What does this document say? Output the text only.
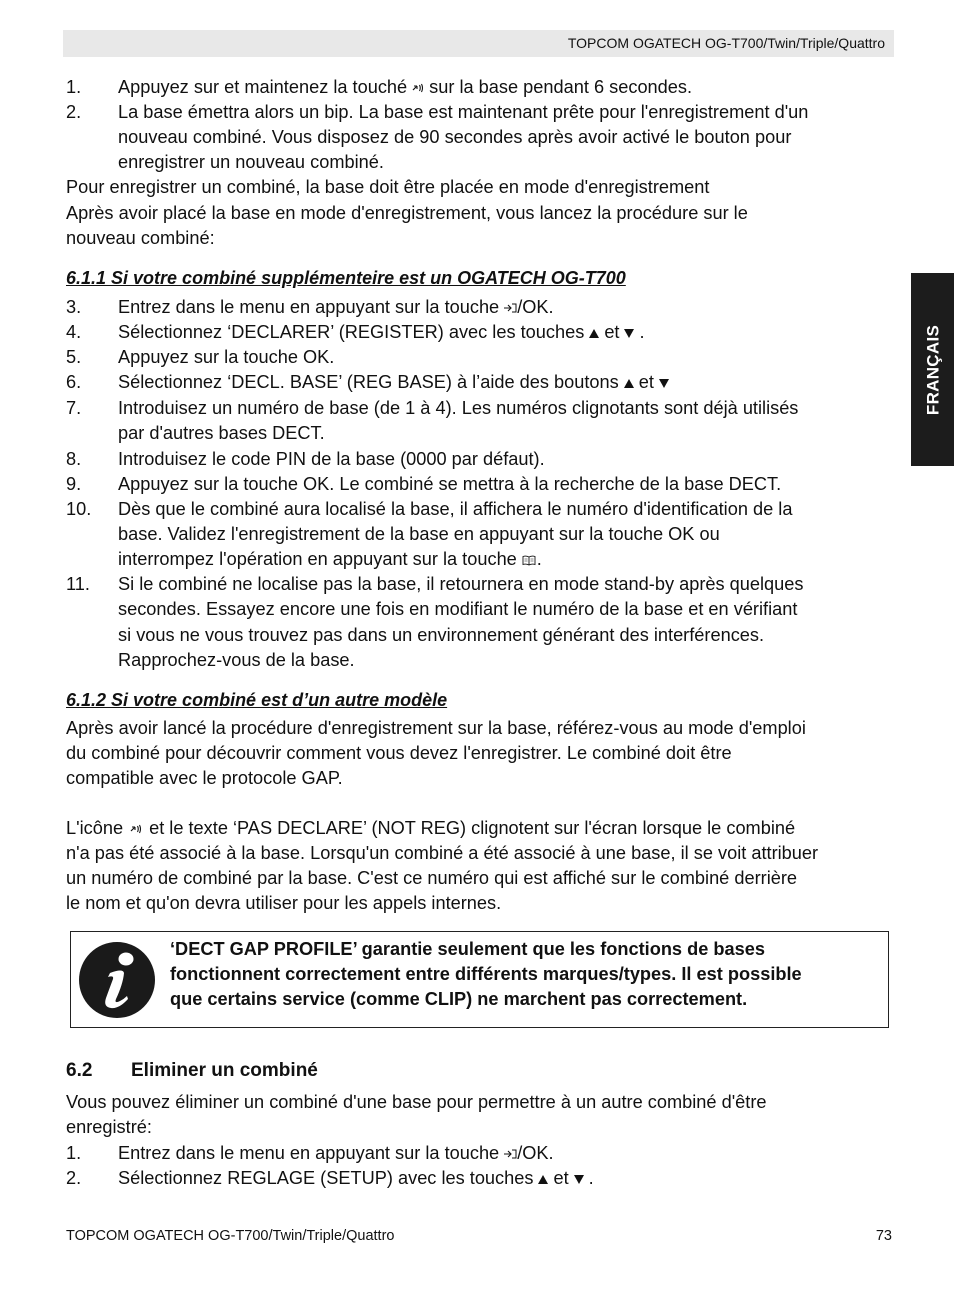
TOPCOM OGATECH OG-T700/Twin/Triple/Quattro
FRANÇAIS
1. Appuyez sur et maintenez la touché sur la base pendant 6 secondes.
2. La base émettra alors un bip. La base est maintenant prête pour l'enregistrement d'un
nouveau combiné. Vous disposez de 90 secondes après avoir activé le bouton pour
enregistrer un nouveau combiné.
Pour enregistrer un combiné, la base doit être placée en mode d'enregistrement
Après avoir placé la base en mode d'enregistrement, vous lancez la procédure sur le
nouveau combiné:
6.1.1 Si votre combiné supplémenteire est un OGATECH OG-T700
3. Entrez dans le menu en appuyant sur la touche /OK.
4. Sélectionnez ‘DECLARER’ (REGISTER) avec les touches et .
5. Appuyez sur la touche OK.
6. Sélectionnez ‘DECL. BASE’ (REG BASE) à l’aide des boutons et
7. Introduisez un numéro de base (de 1 à 4). Les numéros clignotants sont déjà utilisés
par d'autres bases DECT.
8. Introduisez le code PIN de la base (0000 par défaut).
9. Appuyez sur la touche OK. Le combiné se mettra à la recherche de la base DECT.
10. Dès que le combiné aura localisé la base, il affichera le numéro d'identification de la
base. Validez l'enregistrement de la base en appuyant sur la touche OK ou
interrompez l'opération en appuyant sur la touche .
11. Si le combiné ne localise pas la base, il retournera en mode stand-by après quelques
secondes. Essayez encore une fois en modifiant le numéro de la base et en vérifiant
si vous ne vous trouvez pas dans un environnement générant des interférences.
Rapprochez-vous de la base.
6.1.2 Si votre combiné est d’un autre modèle
Après avoir lancé la procédure d'enregistrement sur la base, référez-vous au mode d'emploi
du combiné pour découvrir comment vous devez l'enregistrer. Le combiné doit être
compatible avec le protocole GAP.
L'icône et le texte ‘PAS DECLARE’ (NOT REG) clignotent sur l'écran lorsque le combiné
n'a pas été associé à la base. Lorsqu'un combiné a été associé à une base, il se voit attribuer
un numéro de combiné par la base. C'est ce numéro qui est affiché sur le combiné derrière
le nom et qu'on devra utiliser pour les appels internes.
‘DECT GAP PROFILE’ garantie seulement que les fonctions de bases
fonctionnent correctement entre différents marques/types. Il est possible
que certains service (comme CLIP) ne marchent pas correctement.
6.2 Eliminer un combiné
Vous pouvez éliminer un combiné d'une base pour permettre à un autre combiné d'être
enregistré:
1. Entrez dans le menu en appuyant sur la touche /OK.
2. Sélectionnez REGLAGE (SETUP) avec les touches et .
TOPCOM OGATECH OG-T700/Twin/Triple/Quattro	73
